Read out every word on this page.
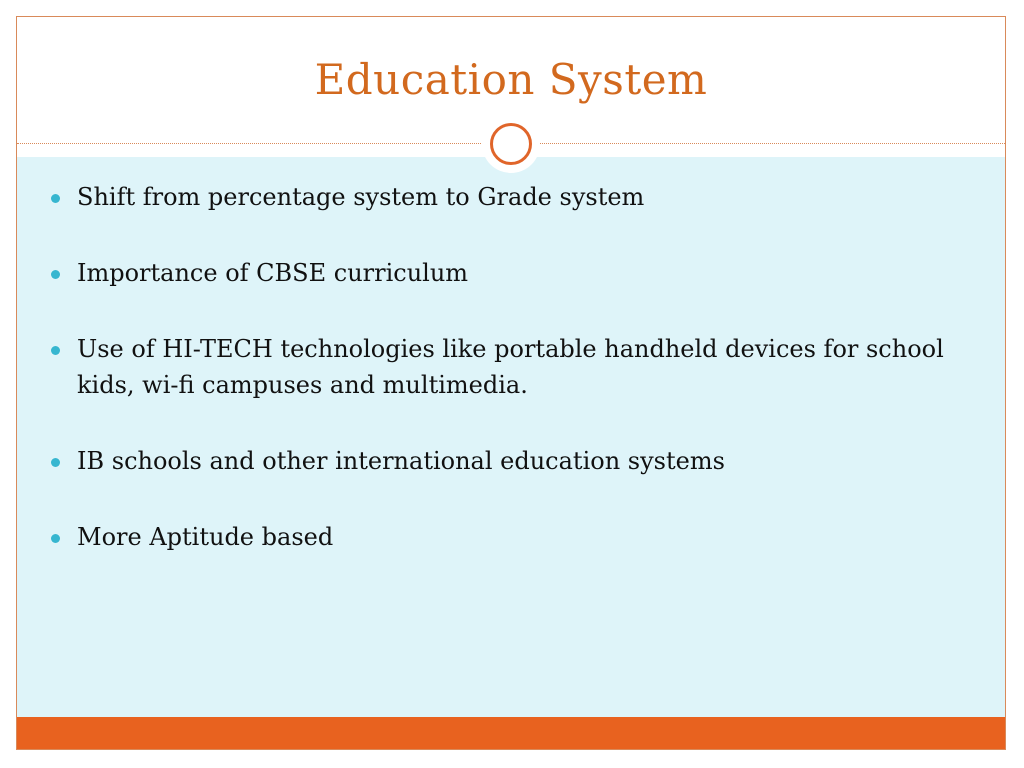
Education System
Shift from percentage system to Grade system
Importance of CBSE curriculum
Use of HI-TECH technologies like portable handheld devices for school kids, wi-fi campuses and multimedia.
IB schools and other international education systems
More Aptitude based
